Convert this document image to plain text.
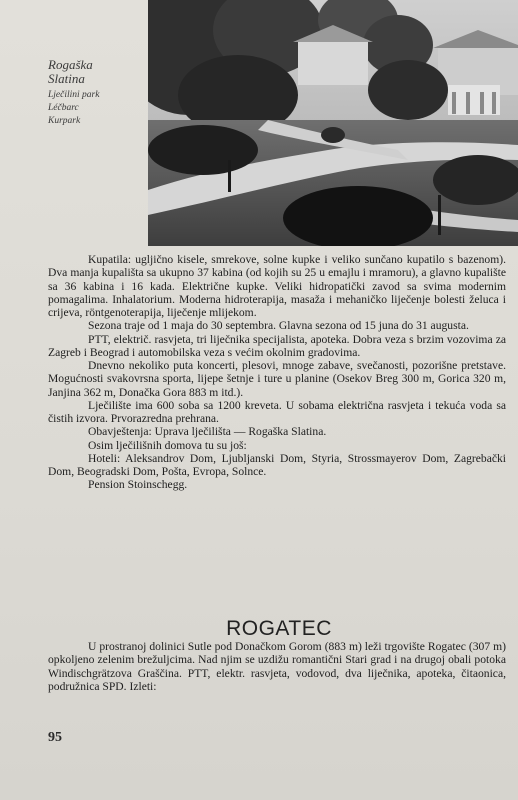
Rogaška
Slatina
Lječilini park
Léčbarc
Kurpark

Kupatila: ugljično kisele, smrekove, solne kupke i veliko sunčano kupatilo s bazenom). Dva manja kupališta sa ukupno 37 kabina (od kojih su 25 u emajlu i mramoru), a glavno kupalište sa 36 kabina i 16 kada. Električne kupke. Veliki hidropatički zavod sa svima modernim pomagalima. Inhalatorium. Moderna hidroterapija, masaža i mehaničko liječenje bolesti želuca i crijeva, röntgenoterapija, liječenje mlijekom.

Sezona traje od 1 maja do 30 septembra. Glavna sezona od 15 juna do 31 augusta.

PTT, električ. rasvjeta, tri liječnika specijalista, apoteka. Dobra veza s brzim vozovima za Zagreb i Beograd i automobilska veza s većim okolnim gradovima.

Dnevno nekoliko puta koncerti, plesovi, mnoge zabave, svečanosti, pozorišne pretstave. Mogućnosti svakovrsna sporta, lijepe šetnje i ture u planine (Osekov Breg 300 m, Gorica 320 m, Janjina 362 m, Donačka Gora 883 m itd.).

Lječilište ima 600 soba sa 1200 kreveta. U sobama električna rasvjeta i tekuća voda sa čistih izvora. Prvorazredna prehrana.

Obavještenja: Uprava lječilišta — Rogaška Slatina.

Osim lječilišnih domova tu su još:

Hoteli: Aleksandrov Dom, Ljubljanski Dom, Styria, Strossmayerov Dom, Zagrebački Dom, Beogradski Dom, Pošta, Evropa, Solnce.

Pension Stoinschegg.

ROGATEC

U prostranoj dolinici Sutle pod Donačkom Gorom (883 m) leži trgovište Rogatec (307 m) opkoljeno zelenim brežuljcima. Nad njim se uzdižu romantični Stari grad i na drugoj obali potoka Windischgrätzova Graščina. PTT, elektr. rasvjeta, vodovod, dva liječnika, apoteka, čitaonica, podružnica SPD. Izleti:

95
